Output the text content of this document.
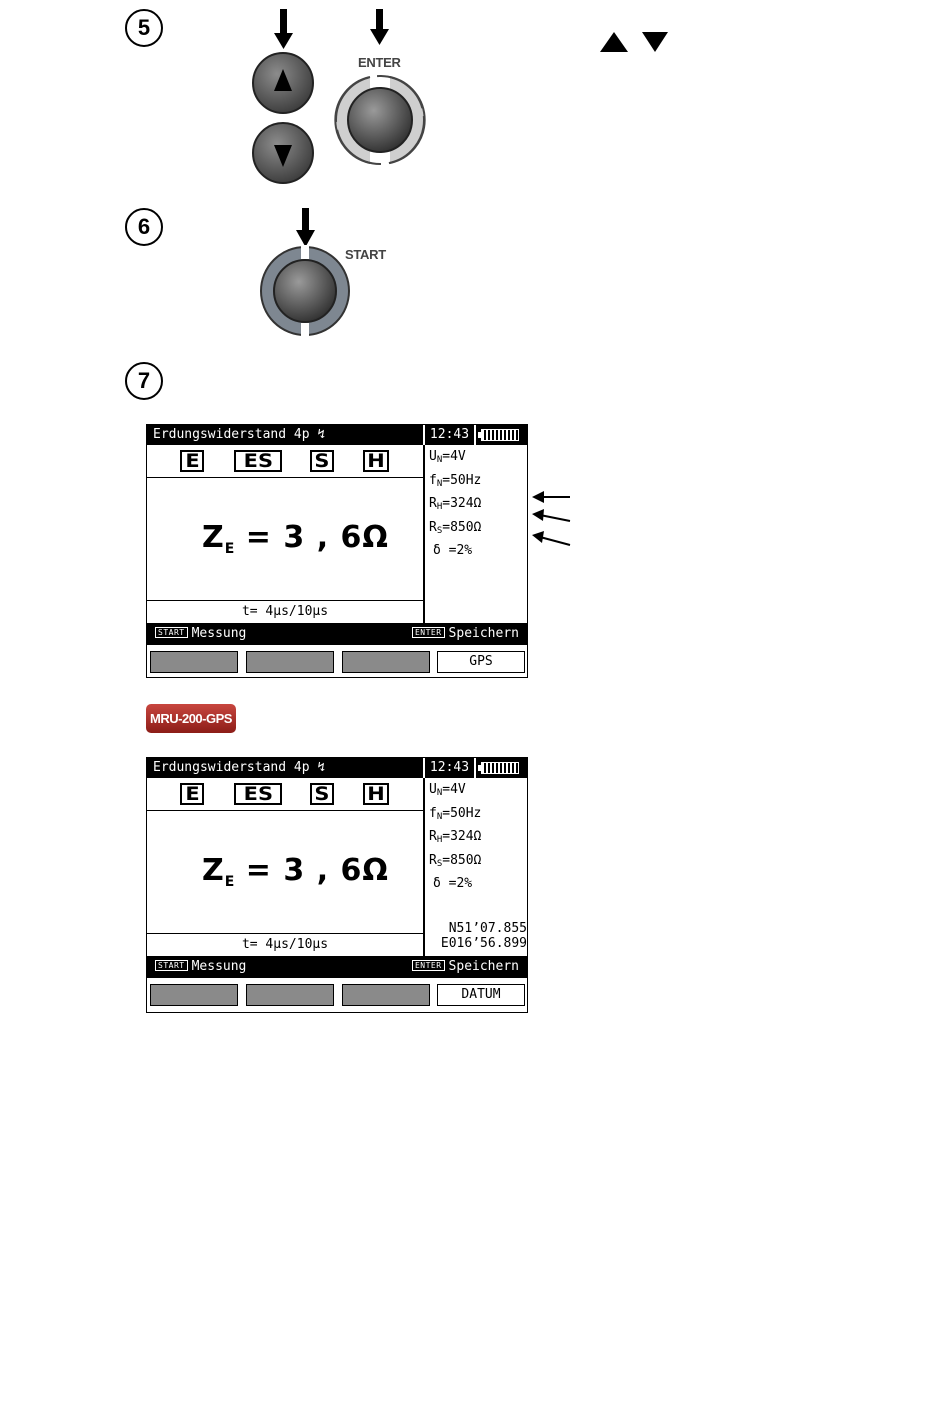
5
ENTER
6
START
7
Erdungswiderstand 4p ↯	12:43
E	ES	S H
$Z_E = 3$ , 6Ω
t= 4µs/10µs
$U_N=4V$
$f_N=50Hz$
$R_H=324\Omega$
$R_S=850\Omega$
δ =2%
START Messung	ENTER Speichern
GPS
MRU-200-GPS
Erdungswiderstand 4p ↯	12:43
E	ES	S H
$Z_E = 3$ , 6Ω
t= 4µs/10µs
$U_N=4V$
$f_N=50Hz$
$R_H=324\Omega$
$R_S=850\Omega$
δ =2%
N51’07.855
E016’56.899
START Messung	ENTER Speichern
DATUM
